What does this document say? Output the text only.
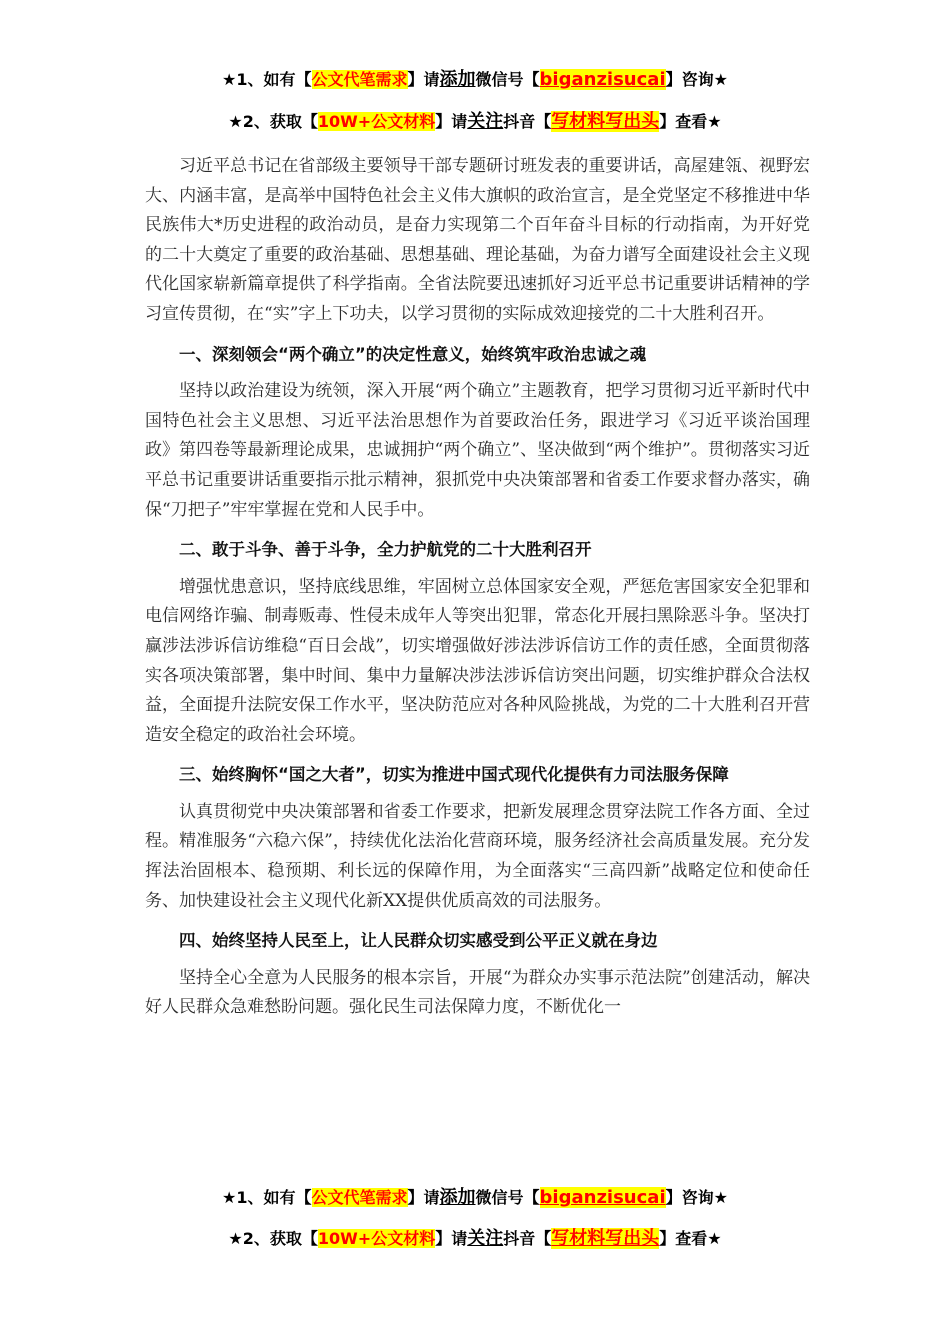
★1、如有【公文代笔需求】请添加微信号【biganzisucai】咨询★
★2、获取【10W+公文材料】请关注抖音【写材料写出头】查看★

习近平总书记在省部级主要领导干部专题研讨班发表的重要讲话，高屋建瓴、视野宏大、内涵丰富，是高举中国特色社会主义伟大旗帜的政治宣言，是全党坚定不移推进中华民族伟大*历史进程的政治动员，是奋力实现第二个百年奋斗目标的行动指南，为开好党的二十大奠定了重要的政治基础、思想基础、理论基础，为奋力谱写全面建设社会主义现代化国家崭新篇章提供了科学指南。全省法院要迅速抓好习近平总书记重要讲话精神的学习宣传贯彻，在“实”字上下功夫，以学习贯彻的实际成效迎接党的二十大胜利召开。

一、深刻领会“两个确立”的决定性意义，始终筑牢政治忠诚之魂

坚持以政治建设为统领，深入开展“两个确立”主题教育，把学习贯彻习近平新时代中国特色社会主义思想、习近平法治思想作为首要政治任务，跟进学习《习近平谈治国理政》第四卷等最新理论成果，忠诚拥护“两个确立”、坚决做到“两个维护”。贯彻落实习近平总书记重要讲话重要指示批示精神，狠抓党中央决策部署和省委工作要求督办落实，确保“刀把子”牢牢掌握在党和人民手中。

二、敢于斗争、善于斗争，全力护航党的二十大胜利召开

增强忧患意识，坚持底线思维，牢固树立总体国家安全观，严惩危害国家安全犯罪和电信网络诈骗、制毒贩毒、性侵未成年人等突出犯罪，常态化开展扫黑除恶斗争。坚决打赢涉法涉诉信访维稳“百日会战”，切实增强做好涉法涉诉信访工作的责任感，全面贯彻落实各项决策部署，集中时间、集中力量解决涉法涉诉信访突出问题，切实维护群众合法权益，全面提升法院安保工作水平，坚决防范应对各种风险挑战，为党的二十大胜利召开营造安全稳定的政治社会环境。

三、始终胸怀“国之大者”，切实为推进中国式现代化提供有力司法服务保障

认真贯彻党中央决策部署和省委工作要求，把新发展理念贯穿法院工作各方面、全过程。精准服务“六稳六保”，持续优化法治化营商环境，服务经济社会高质量发展。充分发挥法治固根本、稳预期、利长远的保障作用，为全面落实“三高四新”战略定位和使命任务、加快建设社会主义现代化新XX提供优质高效的司法服务。

四、始终坚持人民至上，让人民群众切实感受到公平正义就在身边

坚持全心全意为人民服务的根本宗旨，开展“为群众办实事示范法院”创建活动，解决好人民群众急难愁盼问题。强化民生司法保障力度，不断优化一

★1、如有【公文代笔需求】请添加微信号【biganzisucai】咨询★
★2、获取【10W+公文材料】请关注抖音【写材料写出头】查看★
